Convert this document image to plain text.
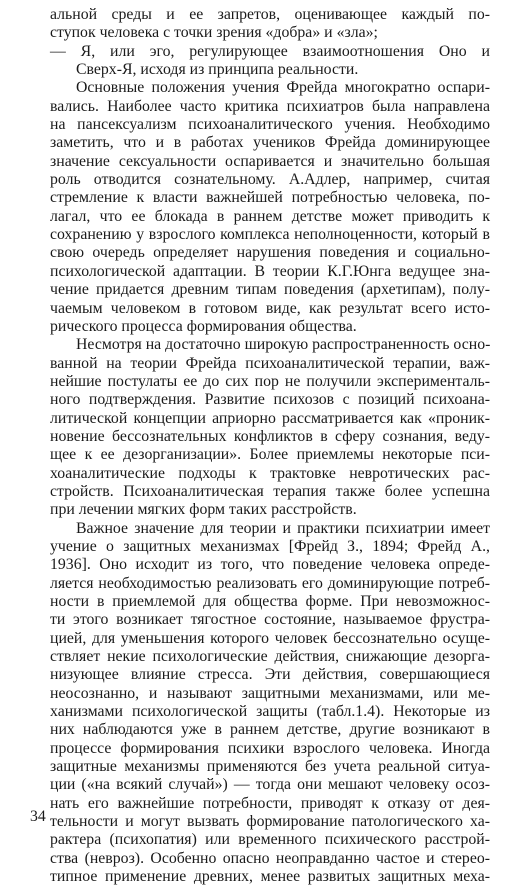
альной среды и ее запретов, оценивающее каждый по-
ступок человека с точки зрения «добра» и «зла»;
— Я, или эго, регулирующее взаимоотношения Оно и
Сверх-Я, исходя из принципа реальности.
Основные положения учения Фрейда многократно оспари-
вались. Наиболее часто критика психиатров была направлена
на пансексуализм психоаналитического учения. Необходимо
заметить, что и в работах учеников Фрейда доминирующее
значение сексуальности оспаривается и значительно большая
роль отводится сознательному. А.Адлер, например, считая
стремление к власти важнейшей потребностью человека, по-
лагал, что ее блокада в раннем детстве может приводить к
сохранению у взрослого комплекса неполноценности, который в
свою очередь определяет нарушения поведения и социально-
психологической адаптации. В теории К.Г.Юнга ведущее зна-
чение придается древним типам поведения (архетипам), полу-
чаемым человеком в готовом виде, как результат всего исто-
рического процесса формирования общества.
Несмотря на достаточно широкую распространенность осно-
ванной на теории Фрейда психоаналитической терапии, важ-
нейшие постулаты ее до сих пор не получили эксперименталь-
ного подтверждения. Развитие психозов с позиций психоана-
литической концепции априорно рассматривается как «проник-
новение бессознательных конфликтов в сферу сознания, веду-
щее к ее дезорганизации». Более приемлемы некоторые пси-
хоаналитические подходы к трактовке невротических рас-
стройств. Психоаналитическая терапия также более успешна
при лечении мягких форм таких расстройств.
Важное значение для теории и практики психиатрии имеет
учение о защитных механизмах [Фрейд З., 1894; Фрейд А.,
1936]. Оно исходит из того, что поведение человека опреде-
ляется необходимостью реализовать его доминирующие потреб-
ности в приемлемой для общества форме. При невозможнос-
ти этого возникает тягостное состояние, называемое фрустра-
цией, для уменьшения которого человек бессознательно осуще-
ствляет некие психологические действия, снижающие дезорга-
низующее влияние стресса. Эти действия, совершающиеся
неосознанно, и называют защитными механизмами, или ме-
ханизмами психологической защиты (табл.1.4). Некоторые из
них наблюдаются уже в раннем детстве, другие возникают в
процессе формирования психики взрослого человека. Иногда
защитные механизмы применяются без учета реальной ситуа-
ции («на всякий случай») — тогда они мешают человеку осоз-
нать его важнейшие потребности, приводят к отказу от дея-
тельности и могут вызвать формирование патологического ха-
рактера (психопатия) или временного психического расстрой-
ства (невроз). Особенно опасно неоправданно частое и стерео-
типное применение древних, менее развитых защитных меха-
34
